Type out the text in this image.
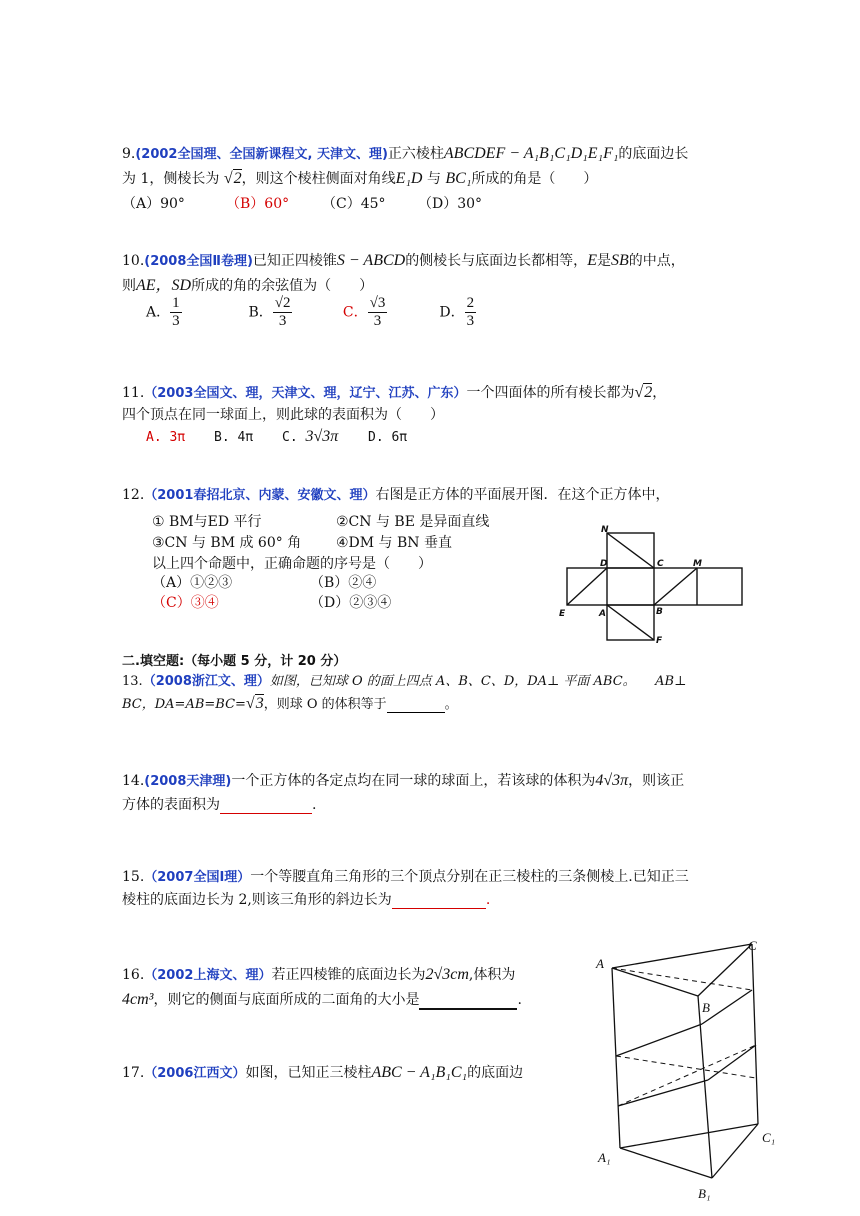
9.(2002全国理、全国新课程文, 天津文、理)正六棱柱ABCDEF − A₁B₁C₁D₁E₁F₁的底面边长
为 1，侧棱长为 √2，则这个棱柱侧面对角线E₁D 与 BC₁所成的角是（　　）
（A）90°	（B）60° （C）45° （D）30°
10.(2008全国Ⅱ卷理)已知正四棱锥S − ABCD的侧棱长与底面边长都相等，E是SB的中点，
则AE，SD所成的角的余弦值为（　　）
A． $\frac{1}{3}$	B． $\frac{√2}{3}$	C． $\frac{√3}{3}$	D． $\frac{2}{3}$
11.（2003全国文、理，天津文、理，辽宁、江苏、广东）一个四面体的所有棱长都为√2，
四个顶点在同一球面上，则此球的表面积为（　　）
A. 3π B. 4π C. 3√3π D. 6π
12.（2001春招北京、内蒙、安徽文、理）右图是正方体的平面展开图．在这个正方体中，
① BM与ED 平行	②CN 与 BE 是异面直线
③CN 与 BM 成 60° 角 ④DM 与 BN 垂直
以上四个命题中，正确命题的序号是（　　）
（A）①②③	（B）②④
（C）③④	（D）②③④
N
D	C	M
E	A	B
F
二.填空题:（每小题 5 分，计 20 分）
13.（2008浙江文、理）如图，已知球 O 的面上四点 A、B、C、D，DA⊥ 平面 ABC。　　AB⊥
BC，DA=AB=BC=√3，则球 O 的体积等于	。
14.(2008天津理)一个正方体的各定点均在同一球的球面上，若该球的体积为4√3π，则该正
方体的表面积为	.
15.（2007全国Ⅰ理）一个等腰直角三角形的三个顶点分别在正三棱柱的三条侧棱上.已知正三
棱柱的底面边长为 2,则该三角形的斜边长为	.
16.（2002上海文、理）若正四棱锥的底面边长为2√3cm,体积为
4cm³，则它的侧面与底面所成的二面角的大小是	.
17.（2006江西文）如图，已知正三棱柱ABC − A₁B₁C₁的底面边
C
A
B
C₁
A₁
B₁
